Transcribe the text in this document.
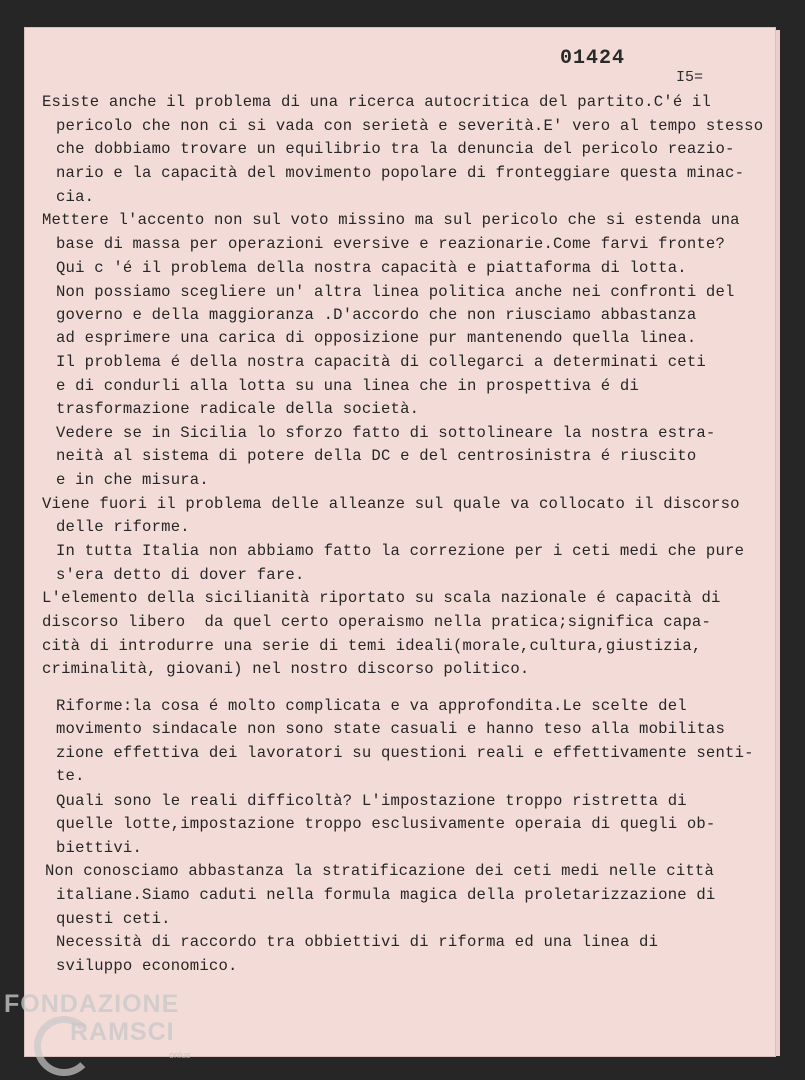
01424
I5=
Esiste anche il problema di una ricerca autocritica del partito.C'é il
pericolo che non ci si vada con serietà e severità.E' vero al tempo stesso
che dobbiamo trovare un equilibrio tra la denuncia del pericolo reazio-
nario e la capacità del movimento popolare di fronteggiare questa minac-
cia.
Mettere l'accento non sul voto missino ma sul pericolo che si estenda una
base di massa per operazioni eversive e reazionarie.Come farvi fronte?
Qui c 'é il problema della nostra capacità e piattaforma di lotta.
Non possiamo scegliere un' altra linea politica anche nei confronti del
governo e della maggioranza .D'accordo che non riusciamo abbastanza
ad esprimere una carica di opposizione pur mantenendo quella linea.
Il problema é della nostra capacità di collegarci a determinati ceti
e di condurli alla lotta su una linea che in prospettiva é di
trasformazione radicale della società.
Vedere se in Sicilia lo sforzo fatto di sottolineare la nostra estra-
neità al sistema di potere della DC e del centrosinistra é riuscito
e in che misura.
Viene fuori il problema delle alleanze sul quale va collocato il discorso
delle riforme.
In tutta Italia non abbiamo fatto la correzione per i ceti medi che pure
s'era detto di dover fare.
L'elemento della sicilianità riportato su scala nazionale é capacità di
discorso libero  da quel certo operaismo nella pratica;significa capa-
cità di introdurre una serie di temi ideali(morale,cultura,giustizia,
criminalità, giovani) nel nostro discorso politico.
Riforme:la cosa é molto complicata e va approfondita.Le scelte del
movimento sindacale non sono state casuali e hanno teso alla mobilitas
zione effettiva dei lavoratori su questioni reali e effettivamente senti-
te.
Quali sono le reali difficoltà? L'impostazione troppo ristretta di
quelle lotte,impostazione troppo esclusivamente operaia di quegli ob-
biettivi.
Non conosciamo abbastanza la stratificazione dei ceti medi nelle città
italiane.Siamo caduti nella formula magica della proletarizzazione di
questi ceti.
Necessità di raccordo tra obbiettivi di riforma ed una linea di
sviluppo economico.
FONDAZIONE
RAMSCI
onlus
